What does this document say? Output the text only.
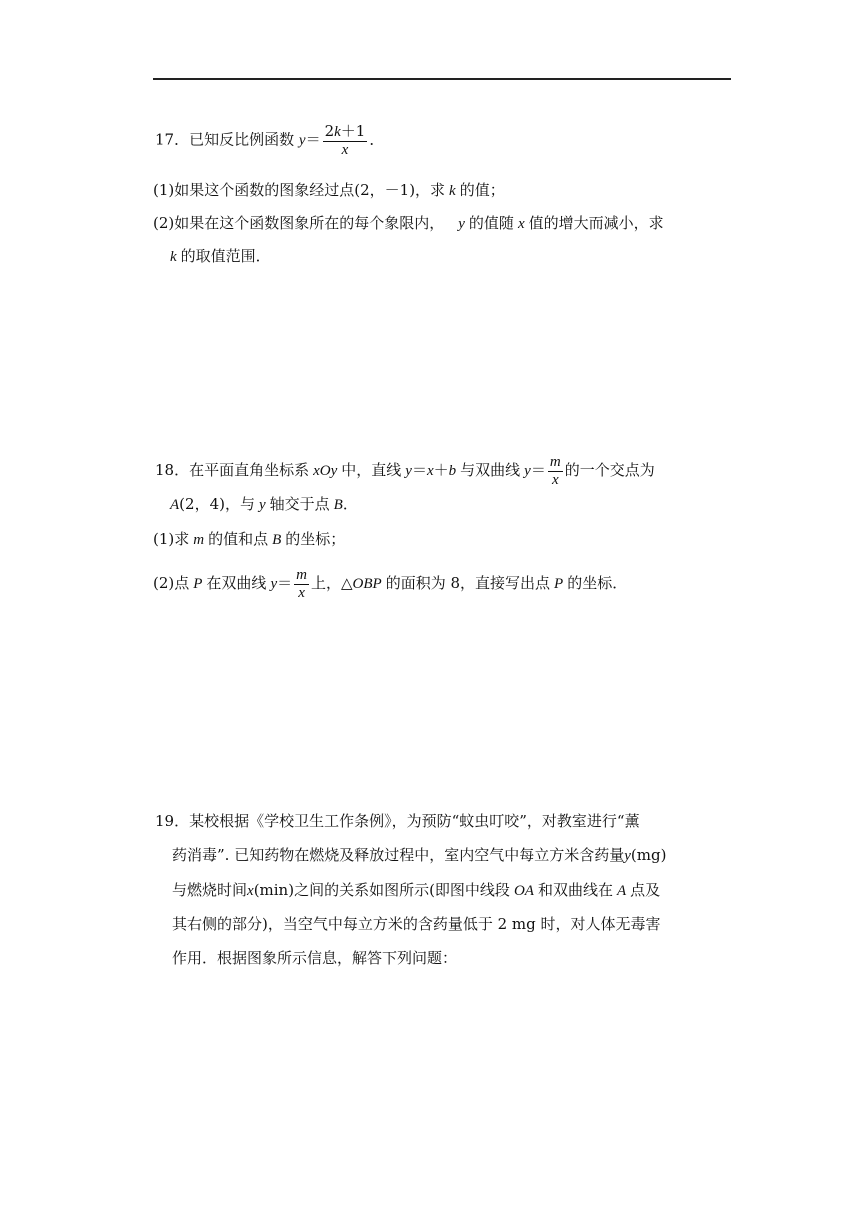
17．已知反比例函数 $y= \frac{2k+1}{x}$ ．
(1)如果这个函数的图象经过点(2，－1)，求 k 的值；
(2)如果在这个函数图象所在的每个象限内， y 的值随 x 值的增大而减小，求
k 的取值范围．
18．在平面直角坐标系 xOy 中，直线 y＝x＋b 与双曲线 $y= \frac{m}{x}$ 的一个交点为
A(2，4)，与 y 轴交于点 B．
(1)求 m 的值和点 B 的坐标；
(2)点 P 在双曲线 $y= \frac{m}{x}$ 上，△OBP 的面积为 8，直接写出点 P 的坐标．
19．某校根据《学校卫生工作条例》，为预防“蚊虫叮咬”，对教室进行“薰
药消毒”. 已知药物在燃烧及释放过程中，室内空气中每立方米含药量y(mg)
与燃烧时间x(min)之间的关系如图所示(即图中线段 OA 和双曲线在 A 点及
其右侧的部分)，当空气中每立方米的含药量低于 2 mg 时，对人体无毒害
作用．根据图象所示信息，解答下列问题：
